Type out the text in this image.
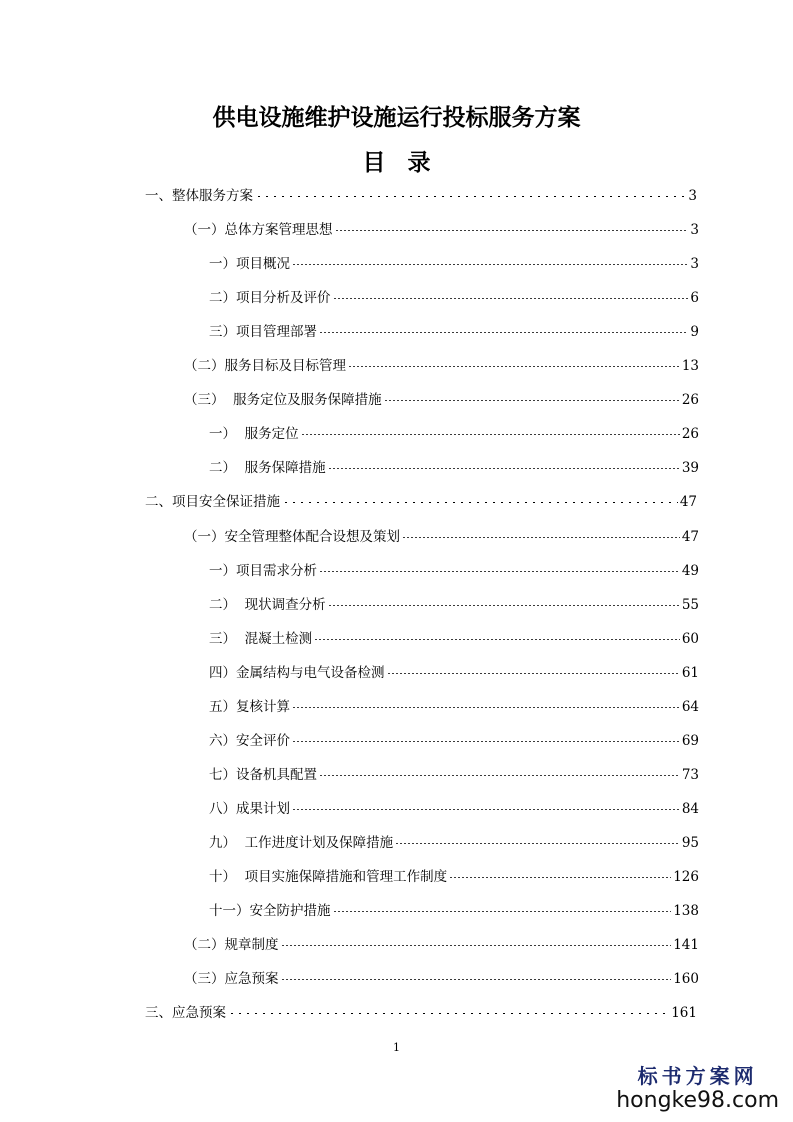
供电设施维护设施运行投标服务方案
目录
一、整体服务方案	3
（一）总体方案管理思想	3
一）项目概况	3
二）项目分析及评价	6
三）项目管理部署	9
（二）服务目标及目标管理	13
（三）  服务定位及服务保障措施	26
一）  服务定位	26
二）  服务保障措施	39
二、项目安全保证措施	47
（一）安全管理整体配合设想及策划	47
一）项目需求分析	49
二）  现状调查分析	55
三）  混凝土检测	60
四）金属结构与电气设备检测	61
五）复核计算	64
六）安全评价	69
七）设备机具配置	73
八）成果计划	84
九）  工作进度计划及保障措施	95
十）  项目实施保障措施和管理工作制度	126
十一）安全防护措施	138
（二）规章制度	141
（三）应急预案	160
三、应急预案	161
1
标书方案网
hongke98.com
